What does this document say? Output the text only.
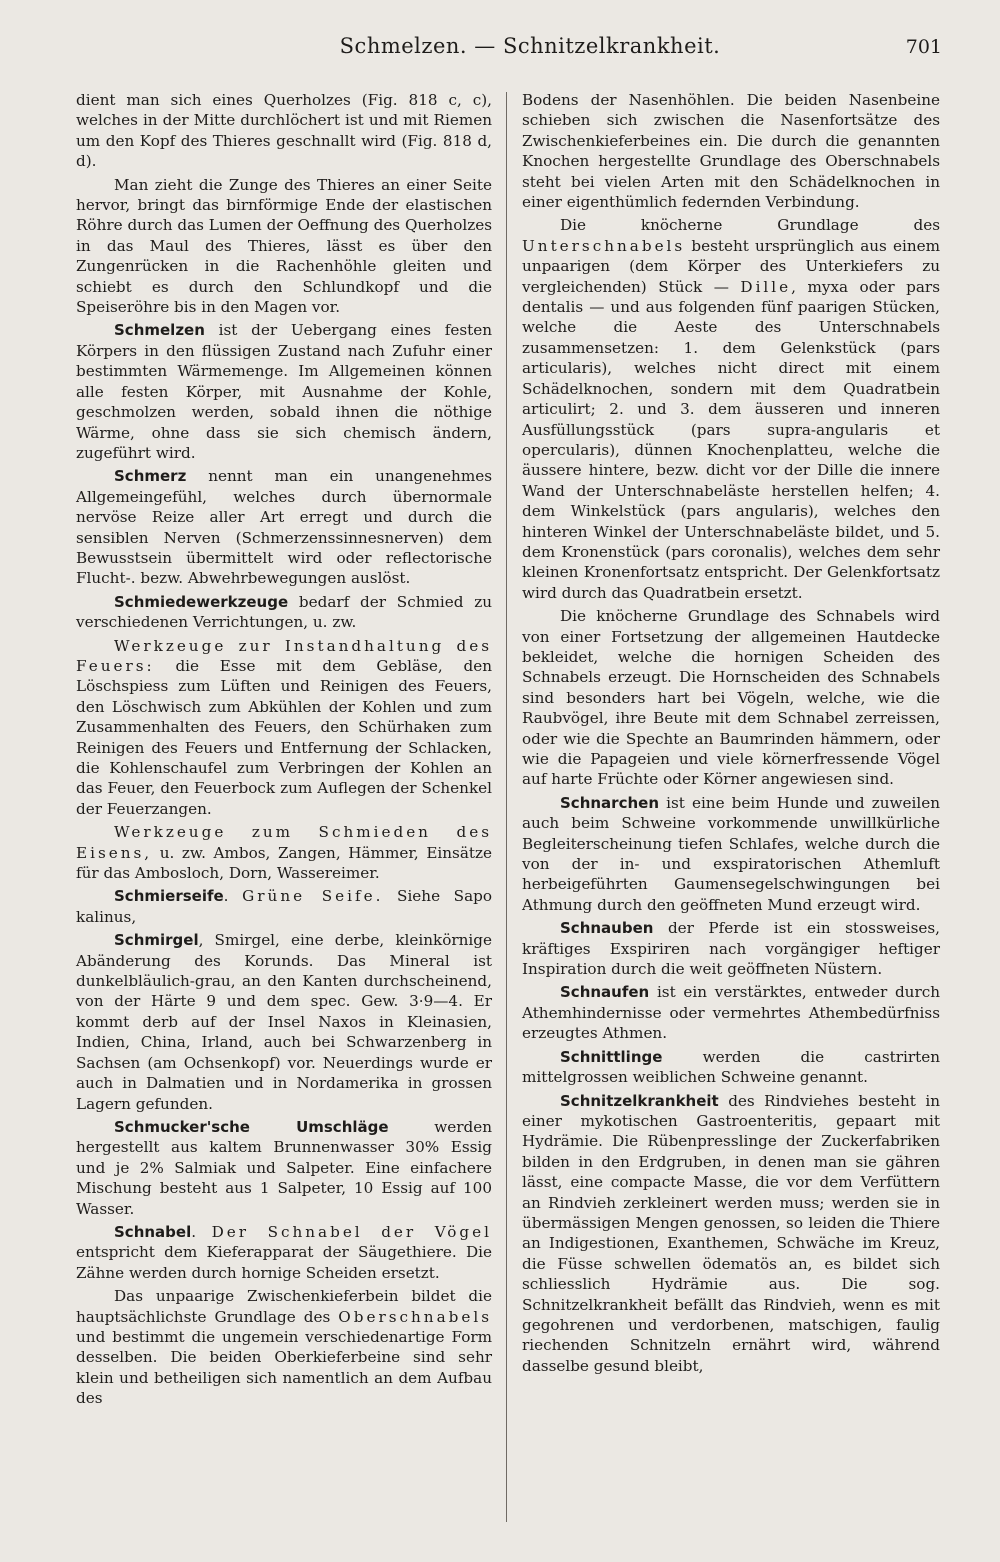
Schmelzen. — Schnitzelkrankheit.	701

dient man sich eines Querholzes (Fig. 818 c, c), welches in der Mitte durchlöchert ist und mit Riemen um den Kopf des Thieres geschnallt wird (Fig. 818 d, d).

Man zieht die Zunge des Thieres an einer Seite hervor, bringt das birnförmige Ende der elastischen Röhre durch das Lumen der Oeffnung des Querholzes in das Maul des Thieres, lässt es über den Zungenrücken in die Rachenhöhle gleiten und schiebt es durch den Schlundkopf und die Speiseröhre bis in den Magen vor.

Schmelzen ist der Uebergang eines festen Körpers in den flüssigen Zustand nach Zufuhr einer bestimmten Wärmemenge. Im Allgemeinen können alle festen Körper, mit Ausnahme der Kohle, geschmolzen werden, sobald ihnen die nöthige Wärme, ohne dass sie sich chemisch ändern, zugeführt wird.

Schmerz nennt man ein unangenehmes Allgemeingefühl, welches durch übernormale nervöse Reize aller Art erregt und durch die sensiblen Nerven (Schmerzenssinnesnerven) dem Bewusstsein übermittelt wird oder reflectorische Flucht-. bezw. Abwehrbewegungen auslöst.

Schmiedewerkzeuge bedarf der Schmied zu verschiedenen Verrichtungen, u. zw.

Werkzeuge zur Instandhaltung des Feuers: die Esse mit dem Gebläse, den Löschspiess zum Lüften und Reinigen des Feuers, den Löschwisch zum Abkühlen der Kohlen und zum Zusammenhalten des Feuers, den Schürhaken zum Reinigen des Feuers und Entfernung der Schlacken, die Kohlenschaufel zum Verbringen der Kohlen an das Feuer, den Feuerbock zum Auflegen der Schenkel der Feuerzangen.

Werkzeuge zum Schmieden des Eisens, u. zw. Ambos, Zangen, Hämmer, Einsätze für das Ambosloch, Dorn, Wassereimer.

Schmierseife. Grüne Seife. Siehe Sapo kalinus,

Schmirgel, Smirgel, eine derbe, kleinkörnige Abänderung des Korunds. Das Mineral ist dunkelbläulich-grau, an den Kanten durchscheinend, von der Härte 9 und dem spec. Gew. 3·9—4. Er kommt derb auf der Insel Naxos in Kleinasien, Indien, China, Irland, auch bei Schwarzenberg in Sachsen (am Ochsenkopf) vor. Neuerdings wurde er auch in Dalmatien und in Nordamerika in grossen Lagern gefunden.

Schmucker'sche Umschläge werden hergestellt aus kaltem Brunnenwasser 30% Essig und je 2% Salmiak und Salpeter. Eine einfachere Mischung besteht aus 1 Salpeter, 10 Essig auf 100 Wasser.

Schnabel. Der Schnabel der Vögel entspricht dem Kieferapparat der Säugethiere. Die Zähne werden durch hornige Scheiden ersetzt.

Das unpaarige Zwischenkieferbein bildet die hauptsächlichste Grundlage des Oberschnabels und bestimmt die ungemein verschiedenartige Form desselben. Die beiden Oberkieferbeine sind sehr klein und betheiligen sich namentlich an dem Aufbau des

Bodens der Nasenhöhlen. Die beiden Nasenbeine schieben sich zwischen die Nasenfortsätze des Zwischenkieferbeines ein. Die durch die genannten Knochen hergestellte Grundlage des Oberschnabels steht bei vielen Arten mit den Schädelknochen in einer eigenthümlich federnden Verbindung.

Die knöcherne Grundlage des Unterschnabels besteht ursprünglich aus einem unpaarigen (dem Körper des Unterkiefers zu vergleichenden) Stück — Dille, myxa oder pars dentalis — und aus folgenden fünf paarigen Stücken, welche die Aeste des Unterschnabels zusammensetzen: 1. dem Gelenkstück (pars articularis), welches nicht direct mit einem Schädelknochen, sondern mit dem Quadratbein articulirt; 2. und 3. dem äusseren und inneren Ausfüllungsstück (pars supra-angularis et opercularis), dünnen Knochenplatteu, welche die äussere hintere, bezw. dicht vor der Dille die innere Wand der Unterschnabeläste herstellen helfen; 4. dem Winkelstück (pars angularis), welches den hinteren Winkel der Unterschnabeläste bildet, und 5. dem Kronenstück (pars coronalis), welches dem sehr kleinen Kronenfortsatz entspricht. Der Gelenkfortsatz wird durch das Quadratbein ersetzt.

Die knöcherne Grundlage des Schnabels wird von einer Fortsetzung der allgemeinen Hautdecke bekleidet, welche die hornigen Scheiden des Schnabels erzeugt. Die Hornscheiden des Schnabels sind besonders hart bei Vögeln, welche, wie die Raubvögel, ihre Beute mit dem Schnabel zerreissen, oder wie die Spechte an Baumrinden hämmern, oder wie die Papageien und viele körnerfressende Vögel auf harte Früchte oder Körner angewiesen sind.

Schnarchen ist eine beim Hunde und zuweilen auch beim Schweine vorkommende unwillkürliche Begleiterscheinung tiefen Schlafes, welche durch die von der in- und exspiratorischen Athemluft herbeigeführten Gaumensegelschwingungen bei Athmung durch den geöffneten Mund erzeugt wird.

Schnauben der Pferde ist ein stossweises, kräftiges Exspiriren nach vorgängiger heftiger Inspiration durch die weit geöffneten Nüstern.

Schnaufen ist ein verstärktes, entweder durch Athemhindernisse oder vermehrtes Athembedürfniss erzeugtes Athmen.

Schnittlinge werden die castrirten mittelgrossen weiblichen Schweine genannt.

Schnitzelkrankheit des Rindviehes besteht in einer mykotischen Gastroenteritis, gepaart mit Hydrämie. Die Rübenpresslinge der Zuckerfabriken bilden in den Erdgruben, in denen man sie gähren lässt, eine compacte Masse, die vor dem Verfüttern an Rindvieh zerkleinert werden muss; werden sie in übermässigen Mengen genossen, so leiden die Thiere an Indigestionen, Exanthemen, Schwäche im Kreuz, die Füsse schwellen ödematös an, es bildet sich schliesslich Hydrämie aus. Die sog. Schnitzelkrankheit befällt das Rindvieh, wenn es mit gegohrenen und verdorbenen, matschigen, faulig riechenden Schnitzeln ernährt wird, während dasselbe gesund bleibt,
